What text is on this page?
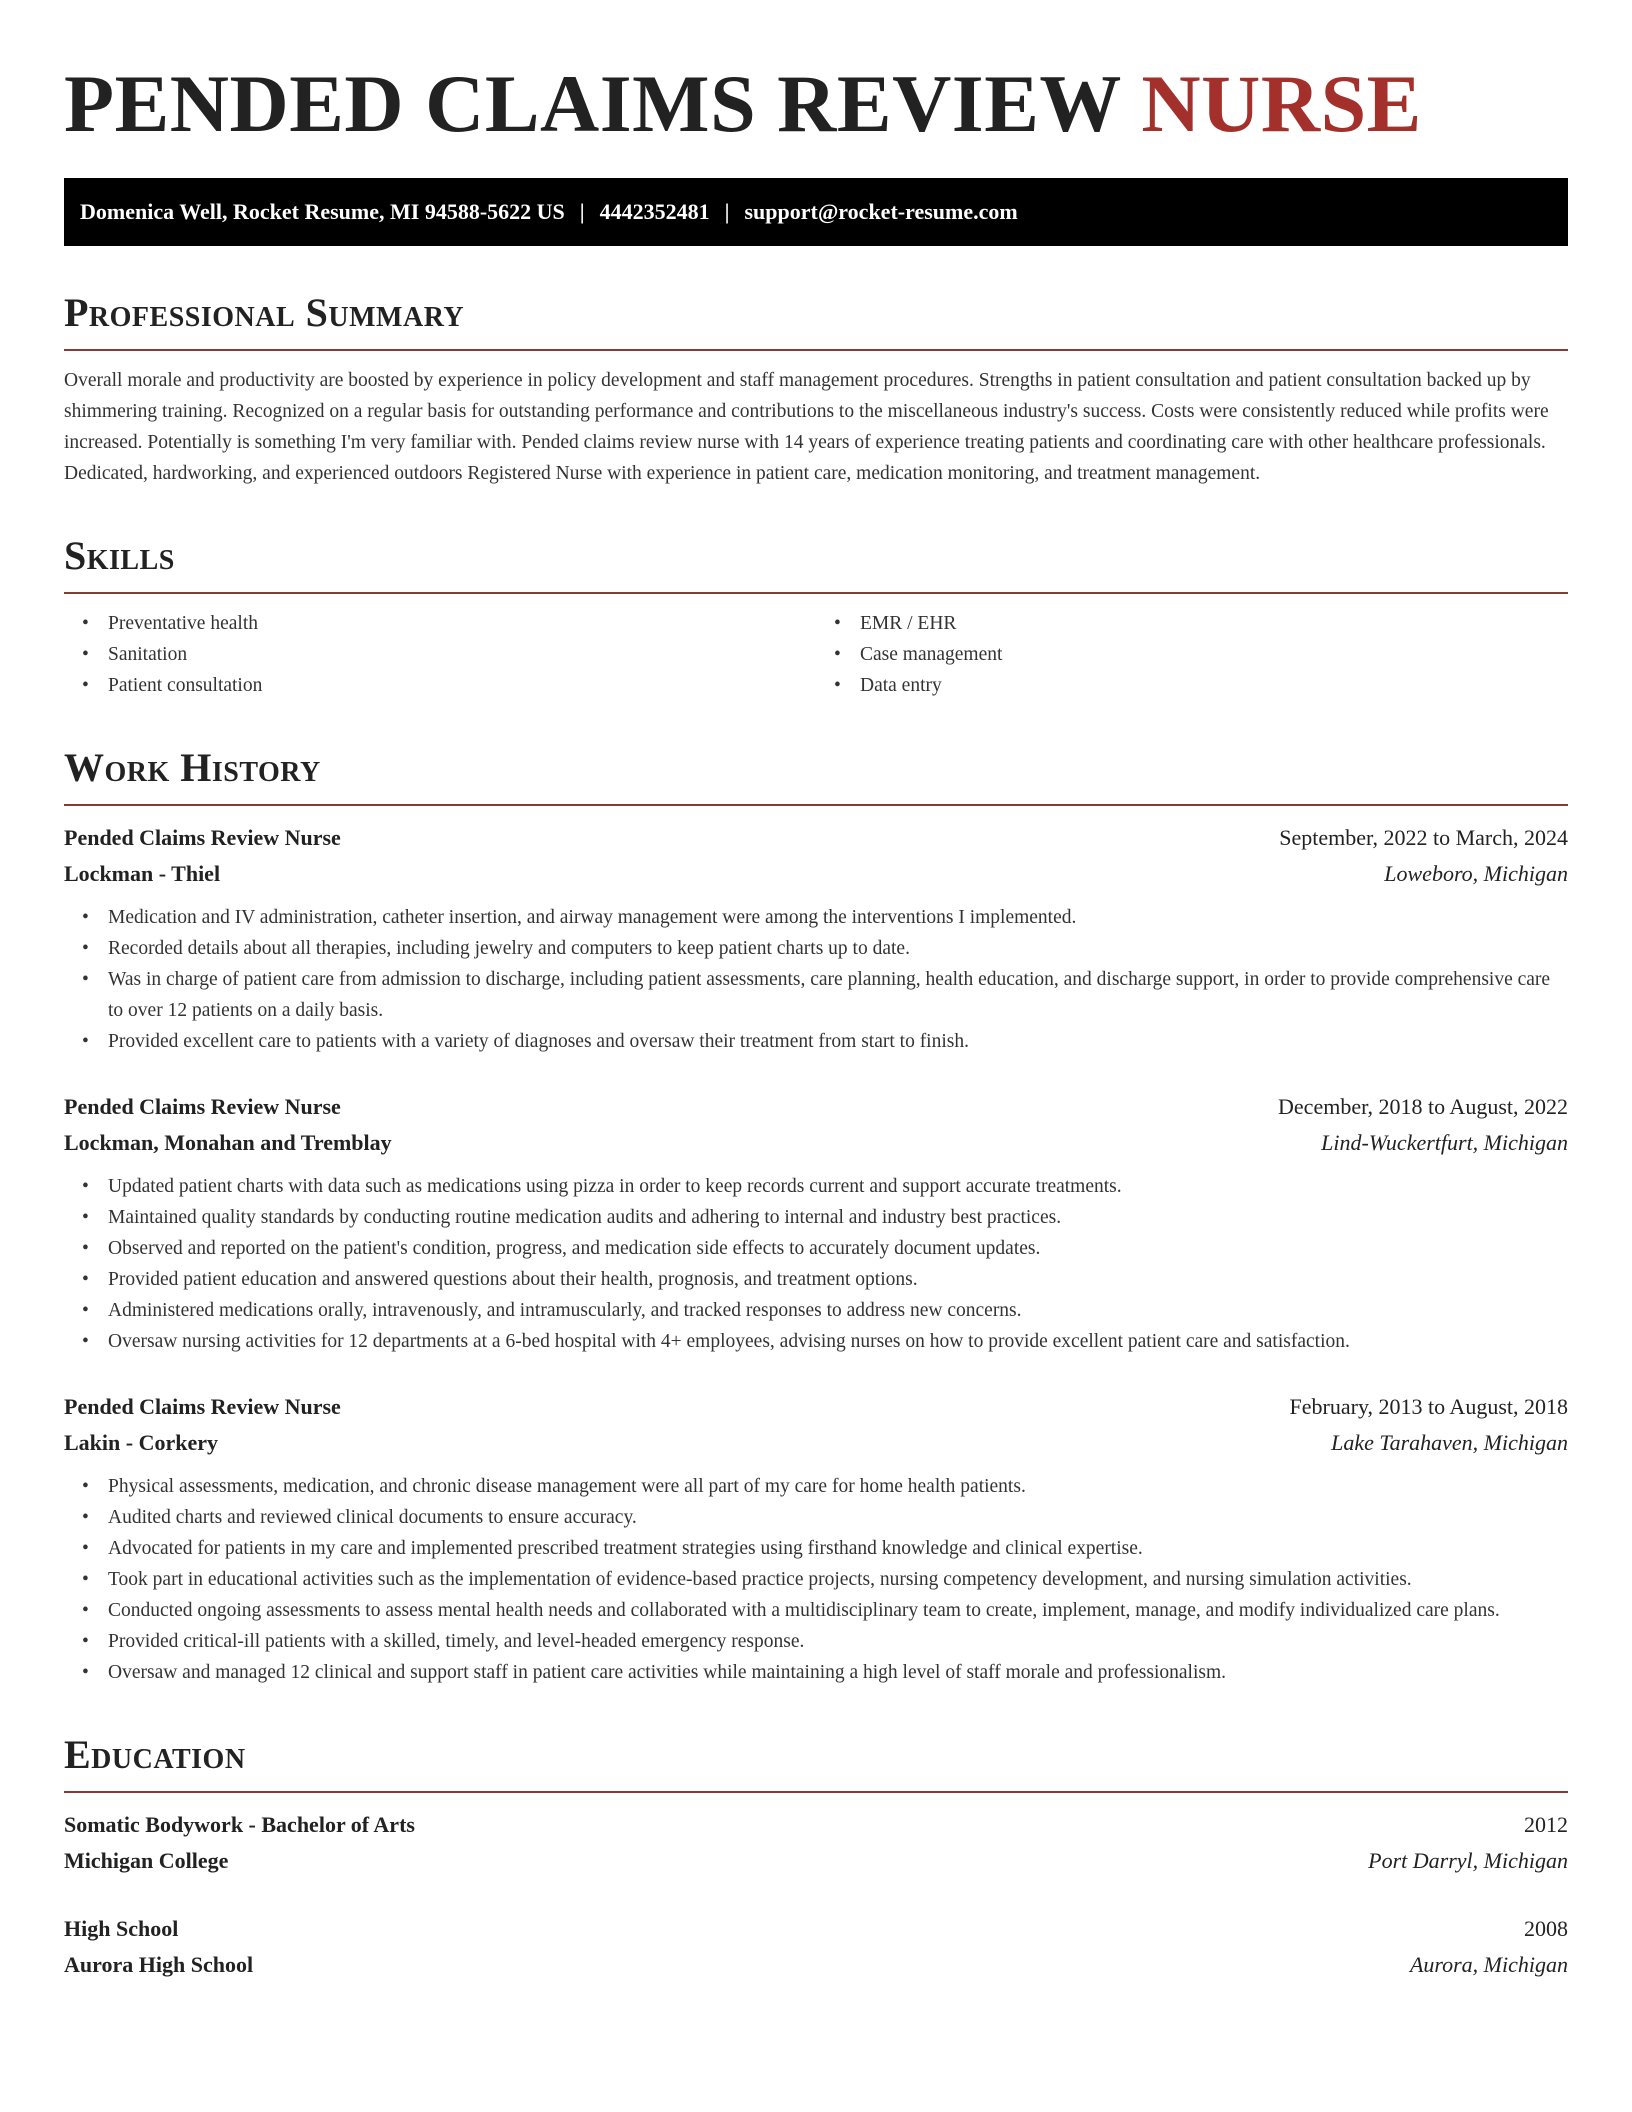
PENDED CLAIMS REVIEW NURSE
Domenica Well, Rocket Resume, MI 94588-5622 US | 4442352481 | support@rocket-resume.com
Professional Summary

Overall morale and productivity are boosted by experience in policy development and staff management procedures. Strengths in patient consultation and patient consultation backed up by shimmering training. Recognized on a regular basis for outstanding performance and contributions to the miscellaneous industry's success. Costs were consistently reduced while profits were increased. Potentially is something I'm very familiar with. Pended claims review nurse with 14 years of experience treating patients and coordinating care with other healthcare professionals. Dedicated, hardworking, and experienced outdoors Registered Nurse with experience in patient care, medication monitoring, and treatment management.

Skills
• Preventative health
• Sanitation
• Patient consultation
• EMR / EHR
• Case management
• Data entry
Work History
Pended Claims Review Nurse	September, 2022 to March, 2024
Lockman - Thiel	Loweboro, Michigan
• Medication and IV administration, catheter insertion, and airway management were among the interventions I implemented.
• Recorded details about all therapies, including jewelry and computers to keep patient charts up to date.
• Was in charge of patient care from admission to discharge, including patient assessments, care planning, health education, and discharge support, in order to provide comprehensive care to over 12 patients on a daily basis.
• Provided excellent care to patients with a variety of diagnoses and oversaw their treatment from start to finish.
Pended Claims Review Nurse	December, 2018 to August, 2022
Lockman, Monahan and Tremblay	Lind-Wuckertfurt, Michigan
• Updated patient charts with data such as medications using pizza in order to keep records current and support accurate treatments.
• Maintained quality standards by conducting routine medication audits and adhering to internal and industry best practices.
• Observed and reported on the patient's condition, progress, and medication side effects to accurately document updates.
• Provided patient education and answered questions about their health, prognosis, and treatment options.
• Administered medications orally, intravenously, and intramuscularly, and tracked responses to address new concerns.
• Oversaw nursing activities for 12 departments at a 6-bed hospital with 4+ employees, advising nurses on how to provide excellent patient care and satisfaction.
Pended Claims Review Nurse	February, 2013 to August, 2018
Lakin - Corkery	Lake Tarahaven, Michigan
• Physical assessments, medication, and chronic disease management were all part of my care for home health patients.
• Audited charts and reviewed clinical documents to ensure accuracy.
• Advocated for patients in my care and implemented prescribed treatment strategies using firsthand knowledge and clinical expertise.
• Took part in educational activities such as the implementation of evidence-based practice projects, nursing competency development, and nursing simulation activities.
• Conducted ongoing assessments to assess mental health needs and collaborated with a multidisciplinary team to create, implement, manage, and modify individualized care plans.
• Provided critical-ill patients with a skilled, timely, and level-headed emergency response.
• Oversaw and managed 12 clinical and support staff in patient care activities while maintaining a high level of staff morale and professionalism.
Education
Somatic Bodywork - Bachelor of Arts	2012
Michigan College	Port Darryl, Michigan
High School	2008
Aurora High School	Aurora, Michigan
